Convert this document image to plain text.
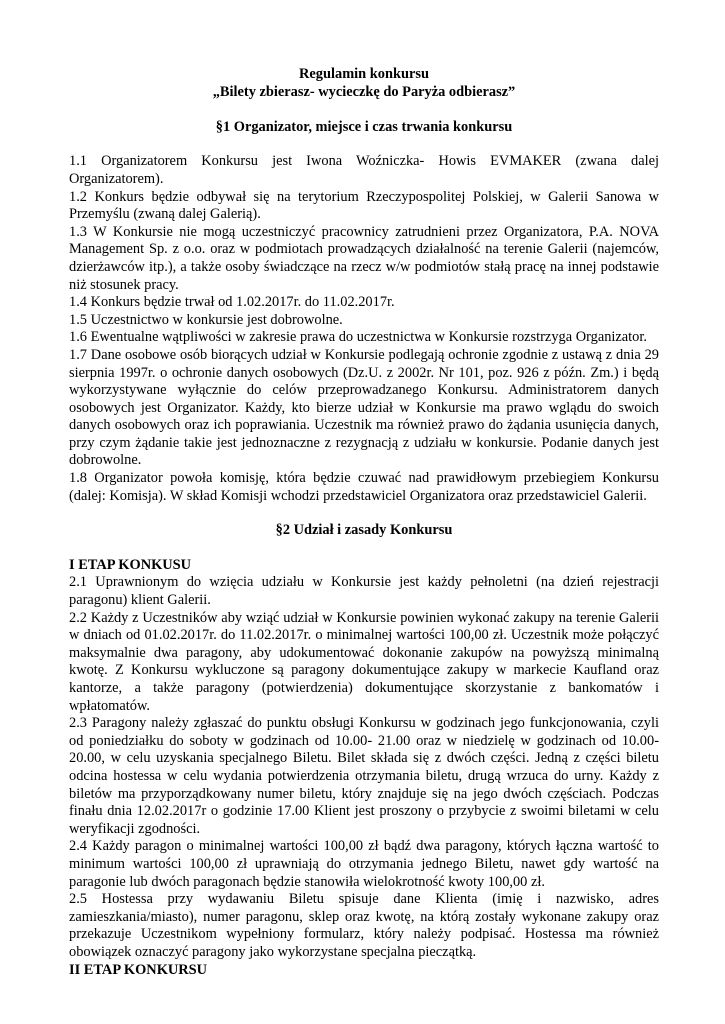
Regulamin konkursu

„Bilety zbierasz- wycieczkę do Paryża odbierasz”

§1 Organizator, miejsce i czas trwania konkursu

1.1 Organizatorem Konkursu jest Iwona Woźniczka- Howis EVMAKER (zwana dalej Organizatorem).

1.2 Konkurs będzie odbywał się na terytorium Rzeczypospolitej Polskiej, w Galerii Sanowa w Przemyślu (zwaną dalej Galerią).

1.3 W Konkursie nie mogą uczestniczyć pracownicy zatrudnieni przez Organizatora, P.A. NOVA Management Sp. z o.o. oraz w podmiotach prowadzących działalność na terenie Galerii (najemców, dzierżawców itp.), a także osoby świadczące na rzecz w/w podmiotów stałą pracę na innej podstawie niż stosunek pracy.

1.4 Konkurs będzie trwał od 1.02.2017r. do 11.02.2017r.

1.5 Uczestnictwo w konkursie jest dobrowolne.

1.6 Ewentualne wątpliwości w zakresie prawa do uczestnictwa w Konkursie rozstrzyga Organizator.

1.7 Dane osobowe osób biorących udział w Konkursie podlegają ochronie zgodnie z ustawą z dnia 29 sierpnia 1997r. o ochronie danych osobowych (Dz.U. z 2002r. Nr 101, poz. 926 z późn. Zm.) i będą wykorzystywane wyłącznie do celów przeprowadzanego Konkursu. Administratorem danych osobowych jest Organizator. Każdy, kto bierze udział w Konkursie ma prawo wglądu do swoich danych osobowych oraz ich poprawiania. Uczestnik ma również prawo do żądania usunięcia danych, przy czym żądanie takie jest jednoznaczne z rezygnacją z udziału w konkursie. Podanie danych jest dobrowolne.

1.8 Organizator powoła komisję, która będzie czuwać nad prawidłowym przebiegiem Konkursu (dalej: Komisja). W skład Komisji wchodzi przedstawiciel Organizatora oraz przedstawiciel Galerii.

§2 Udział i zasady Konkursu

I ETAP KONKUSU

2.1 Uprawnionym do wzięcia udziału w Konkursie jest każdy pełnoletni (na dzień rejestracji paragonu) klient Galerii.

2.2 Każdy z Uczestników aby wziąć udział w Konkursie powinien wykonać zakupy na terenie Galerii w dniach od 01.02.2017r. do 11.02.2017r. o minimalnej wartości 100,00 zł. Uczestnik może połączyć maksymalnie dwa paragony, aby udokumentować dokonanie zakupów na powyższą minimalną kwotę. Z Konkursu wykluczone są paragony dokumentujące zakupy w markecie Kaufland oraz kantorze, a także paragony (potwierdzenia) dokumentujące skorzystanie z bankomatów i wpłatomatów.

2.3 Paragony należy zgłaszać do punktu obsługi Konkursu w godzinach jego funkcjonowania, czyli od poniedziałku do soboty w godzinach od 10.00- 21.00 oraz w niedzielę w godzinach od 10.00-20.00, w celu uzyskania specjalnego Biletu. Bilet składa się z dwóch części. Jedną z części biletu odcina hostessa w celu wydania potwierdzenia otrzymania biletu, drugą wrzuca do urny. Każdy z biletów ma przyporządkowany numer biletu, który znajduje się na jego dwóch częściach. Podczas finału dnia 12.02.2017r o godzinie 17.00 Klient jest proszony o przybycie z swoimi biletami w celu weryfikacji zgodności.

2.4 Każdy paragon o minimalnej wartości 100,00 zł bądź dwa paragony, których łączna wartość to minimum wartości 100,00 zł uprawniają do otrzymania jednego Biletu, nawet gdy wartość na paragonie lub dwóch paragonach będzie stanowiła wielokrotność kwoty 100,00 zł.

2.5 Hostessa przy wydawaniu Biletu spisuje dane Klienta (imię i nazwisko, adres zamieszkania/miasto), numer paragonu, sklep oraz kwotę, na którą zostały wykonane zakupy oraz przekazuje Uczestnikom wypełniony formularz, który należy podpisać. Hostessa ma również obowiązek oznaczyć paragony jako wykorzystane specjalna pieczątką.

II ETAP KONKURSU
